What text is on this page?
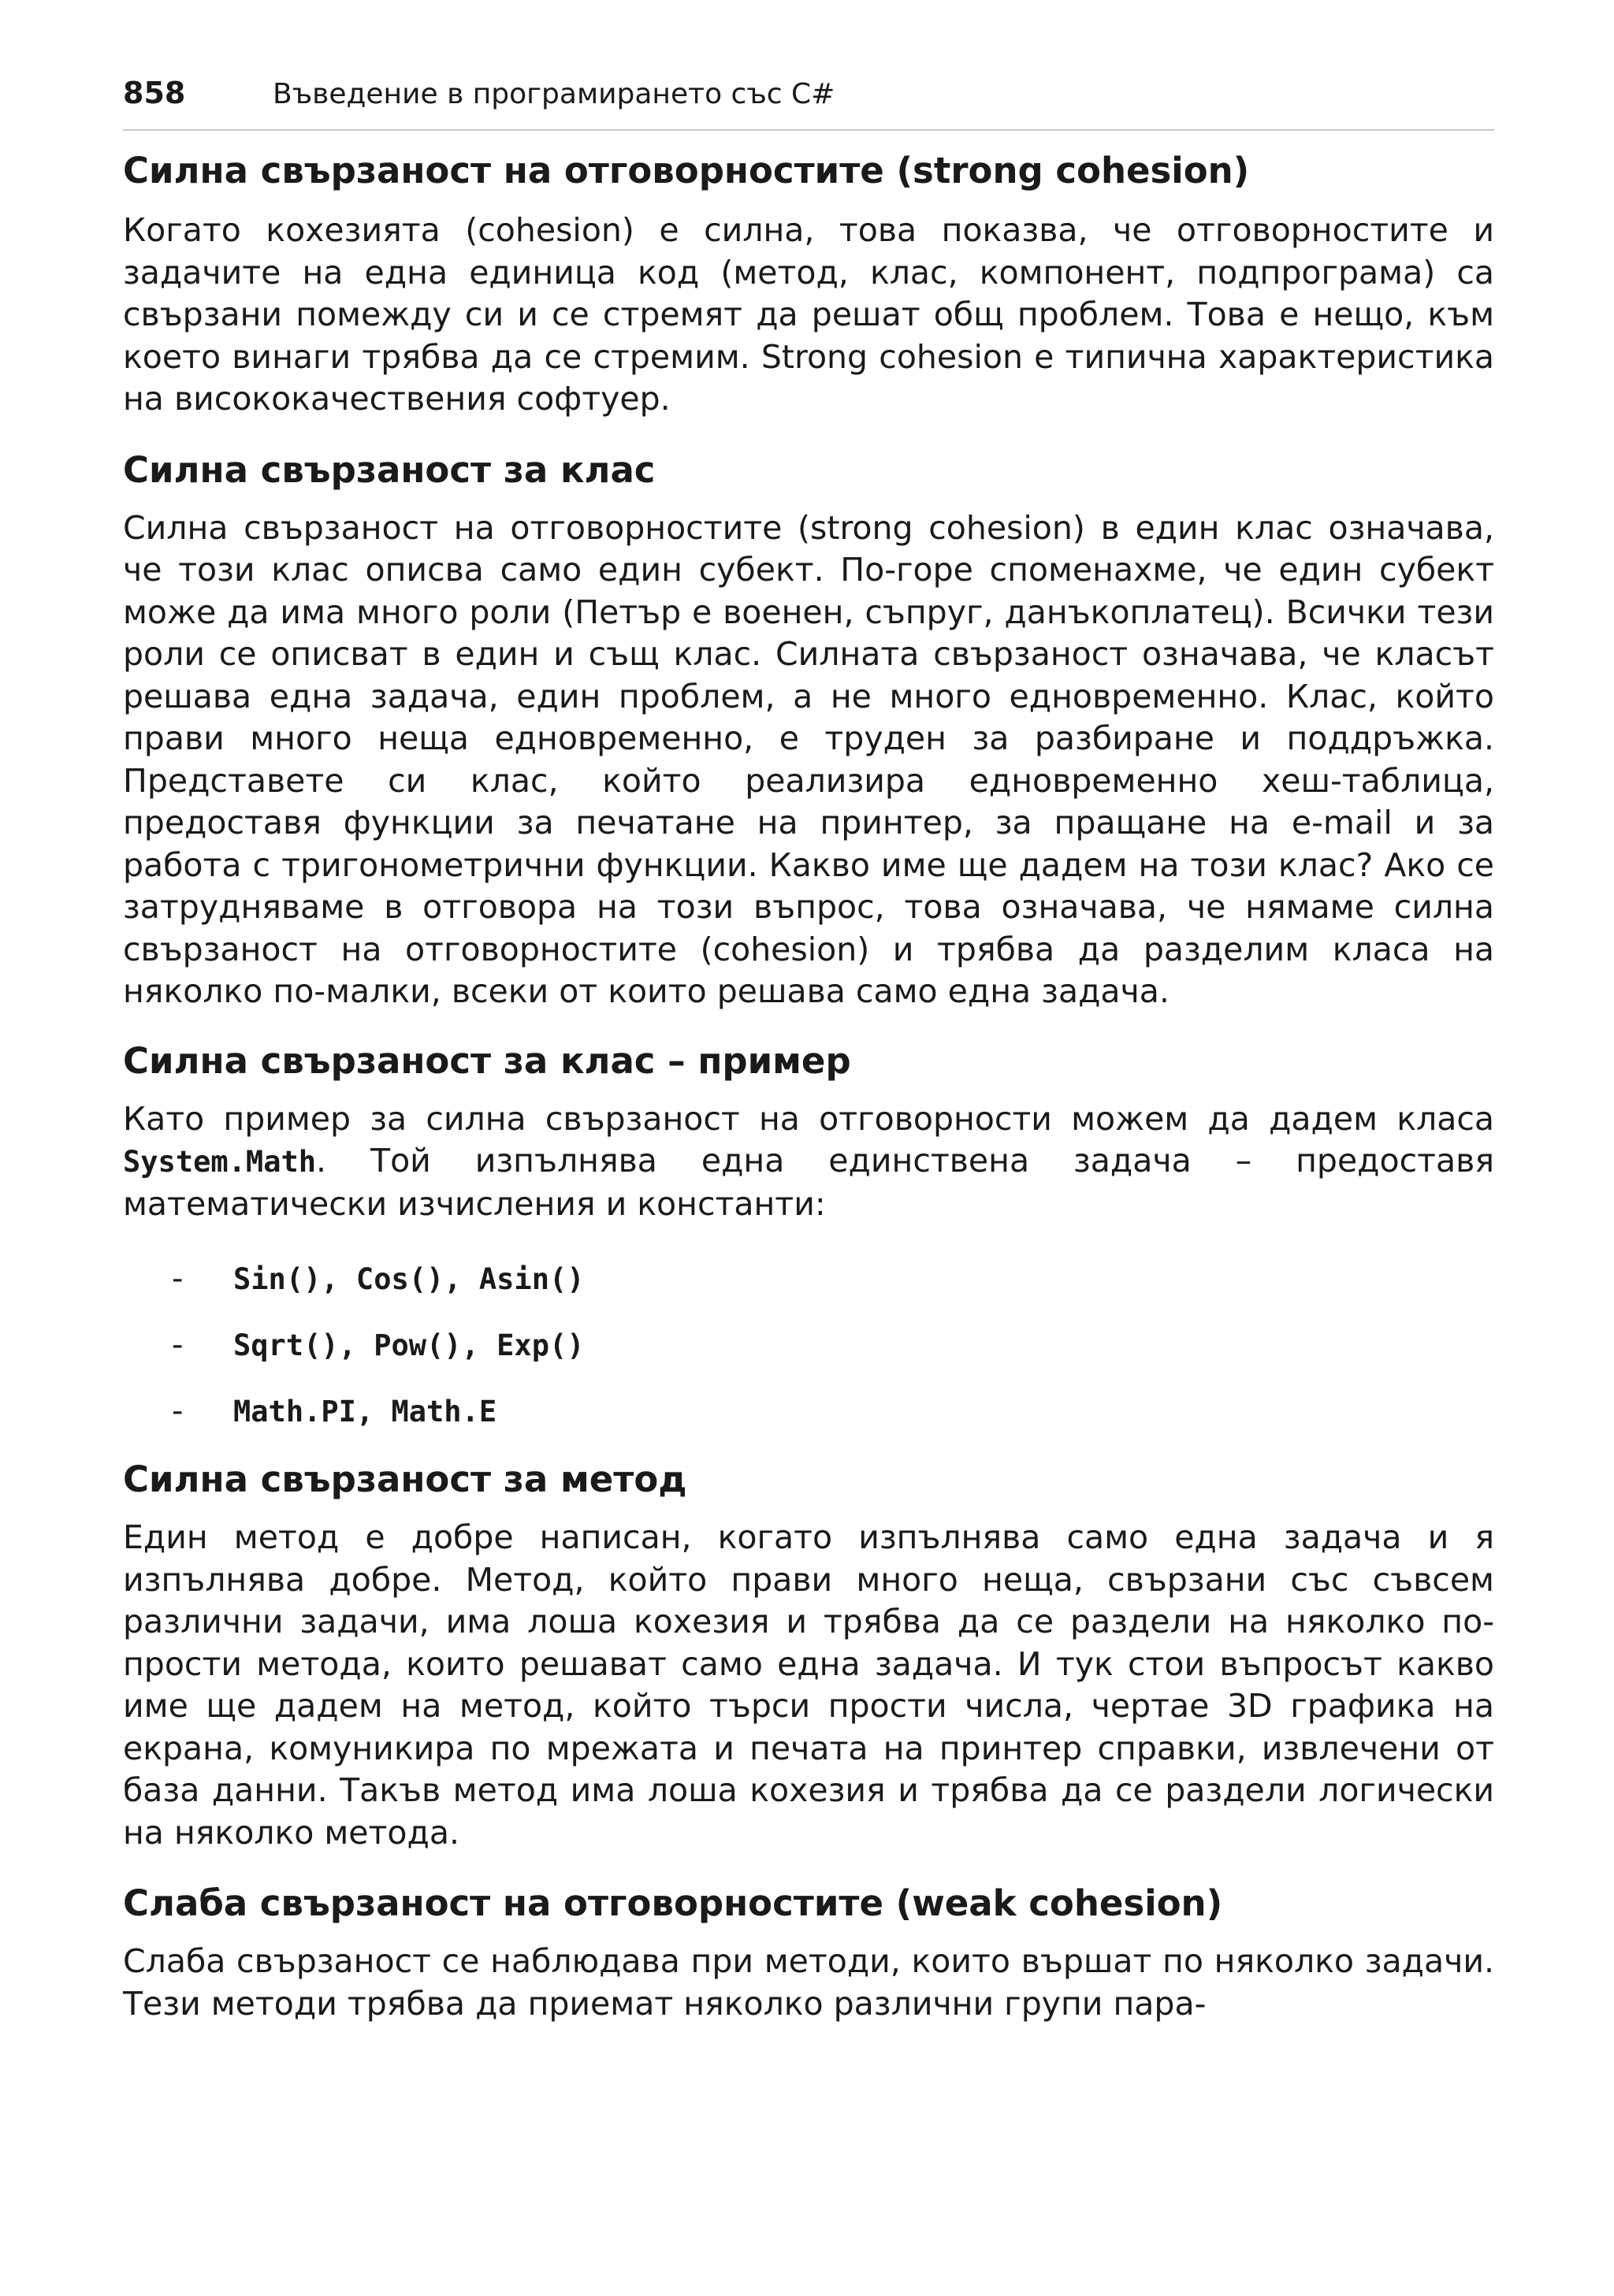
858	Въведение в програмирането със C#
Силна свързаност на отговорностите (strong cohesion)

Когато кохезията (cohesion) е силна, това показва, че отговорностите и задачите на една единица код (метод, клас, компонент, подпрограма) са свързани помежду си и се стремят да решат общ проблем. Това е нещо, към което винаги трябва да се стремим. Strong cohesion е типична характеристика на висококачествения софтуер.

Силна свързаност за клас

Силна свързаност на отговорностите (strong cohesion) в един клас означава, че този клас описва само един субект. По-горе споменахме, че един субект може да има много роли (Петър е военен, съпруг, данъкоплатец). Всички тези роли се описват в един и същ клас. Силната свързаност означава, че класът решава една задача, един проблем, а не много едновременно. Клас, който прави много неща едновременно, е труден за разбиране и поддръжка. Представете си клас, който реализира едновременно хеш-таблица, предоставя функции за печатане на принтер, за пращане на e-mail и за работа с тригонометрични функции. Какво име ще дадем на този клас? Ако се затрудняваме в отговора на този въпрос, това означава, че нямаме силна свързаност на отговорностите (cohesion) и трябва да разделим класа на няколко по-малки, всеки от които решава само една задача.

Силна свързаност за клас – пример

Като пример за силна свързаност на отговорности можем да дадем класа System.Math. Той изпълнява една единствена задача – предоставя математически изчисления и константи:

-	Sin(), Cos(), Asin()
-	Sqrt(), Pow(), Exp()
-	Math.PI, Math.E
Силна свързаност за метод

Един метод е добре написан, когато изпълнява само една задача и я изпълнява добре. Метод, който прави много неща, свързани със съвсем различни задачи, има лоша кохезия и трябва да се раздели на няколко по-прости метода, които решават само една задача. И тук стои въпросът какво име ще дадем на метод, който търси прости числа, чертае 3D графика на екрана, комуникира по мрежата и печата на принтер справки, извлечени от база данни. Такъв метод има лоша кохезия и трябва да се раздели логически на няколко метода.

Слаба свързаност на отговорностите (weak cohesion)

Слаба свързаност се наблюдава при методи, които вършат по няколко задачи. Тези методи трябва да приемат няколко различни групи пара-
